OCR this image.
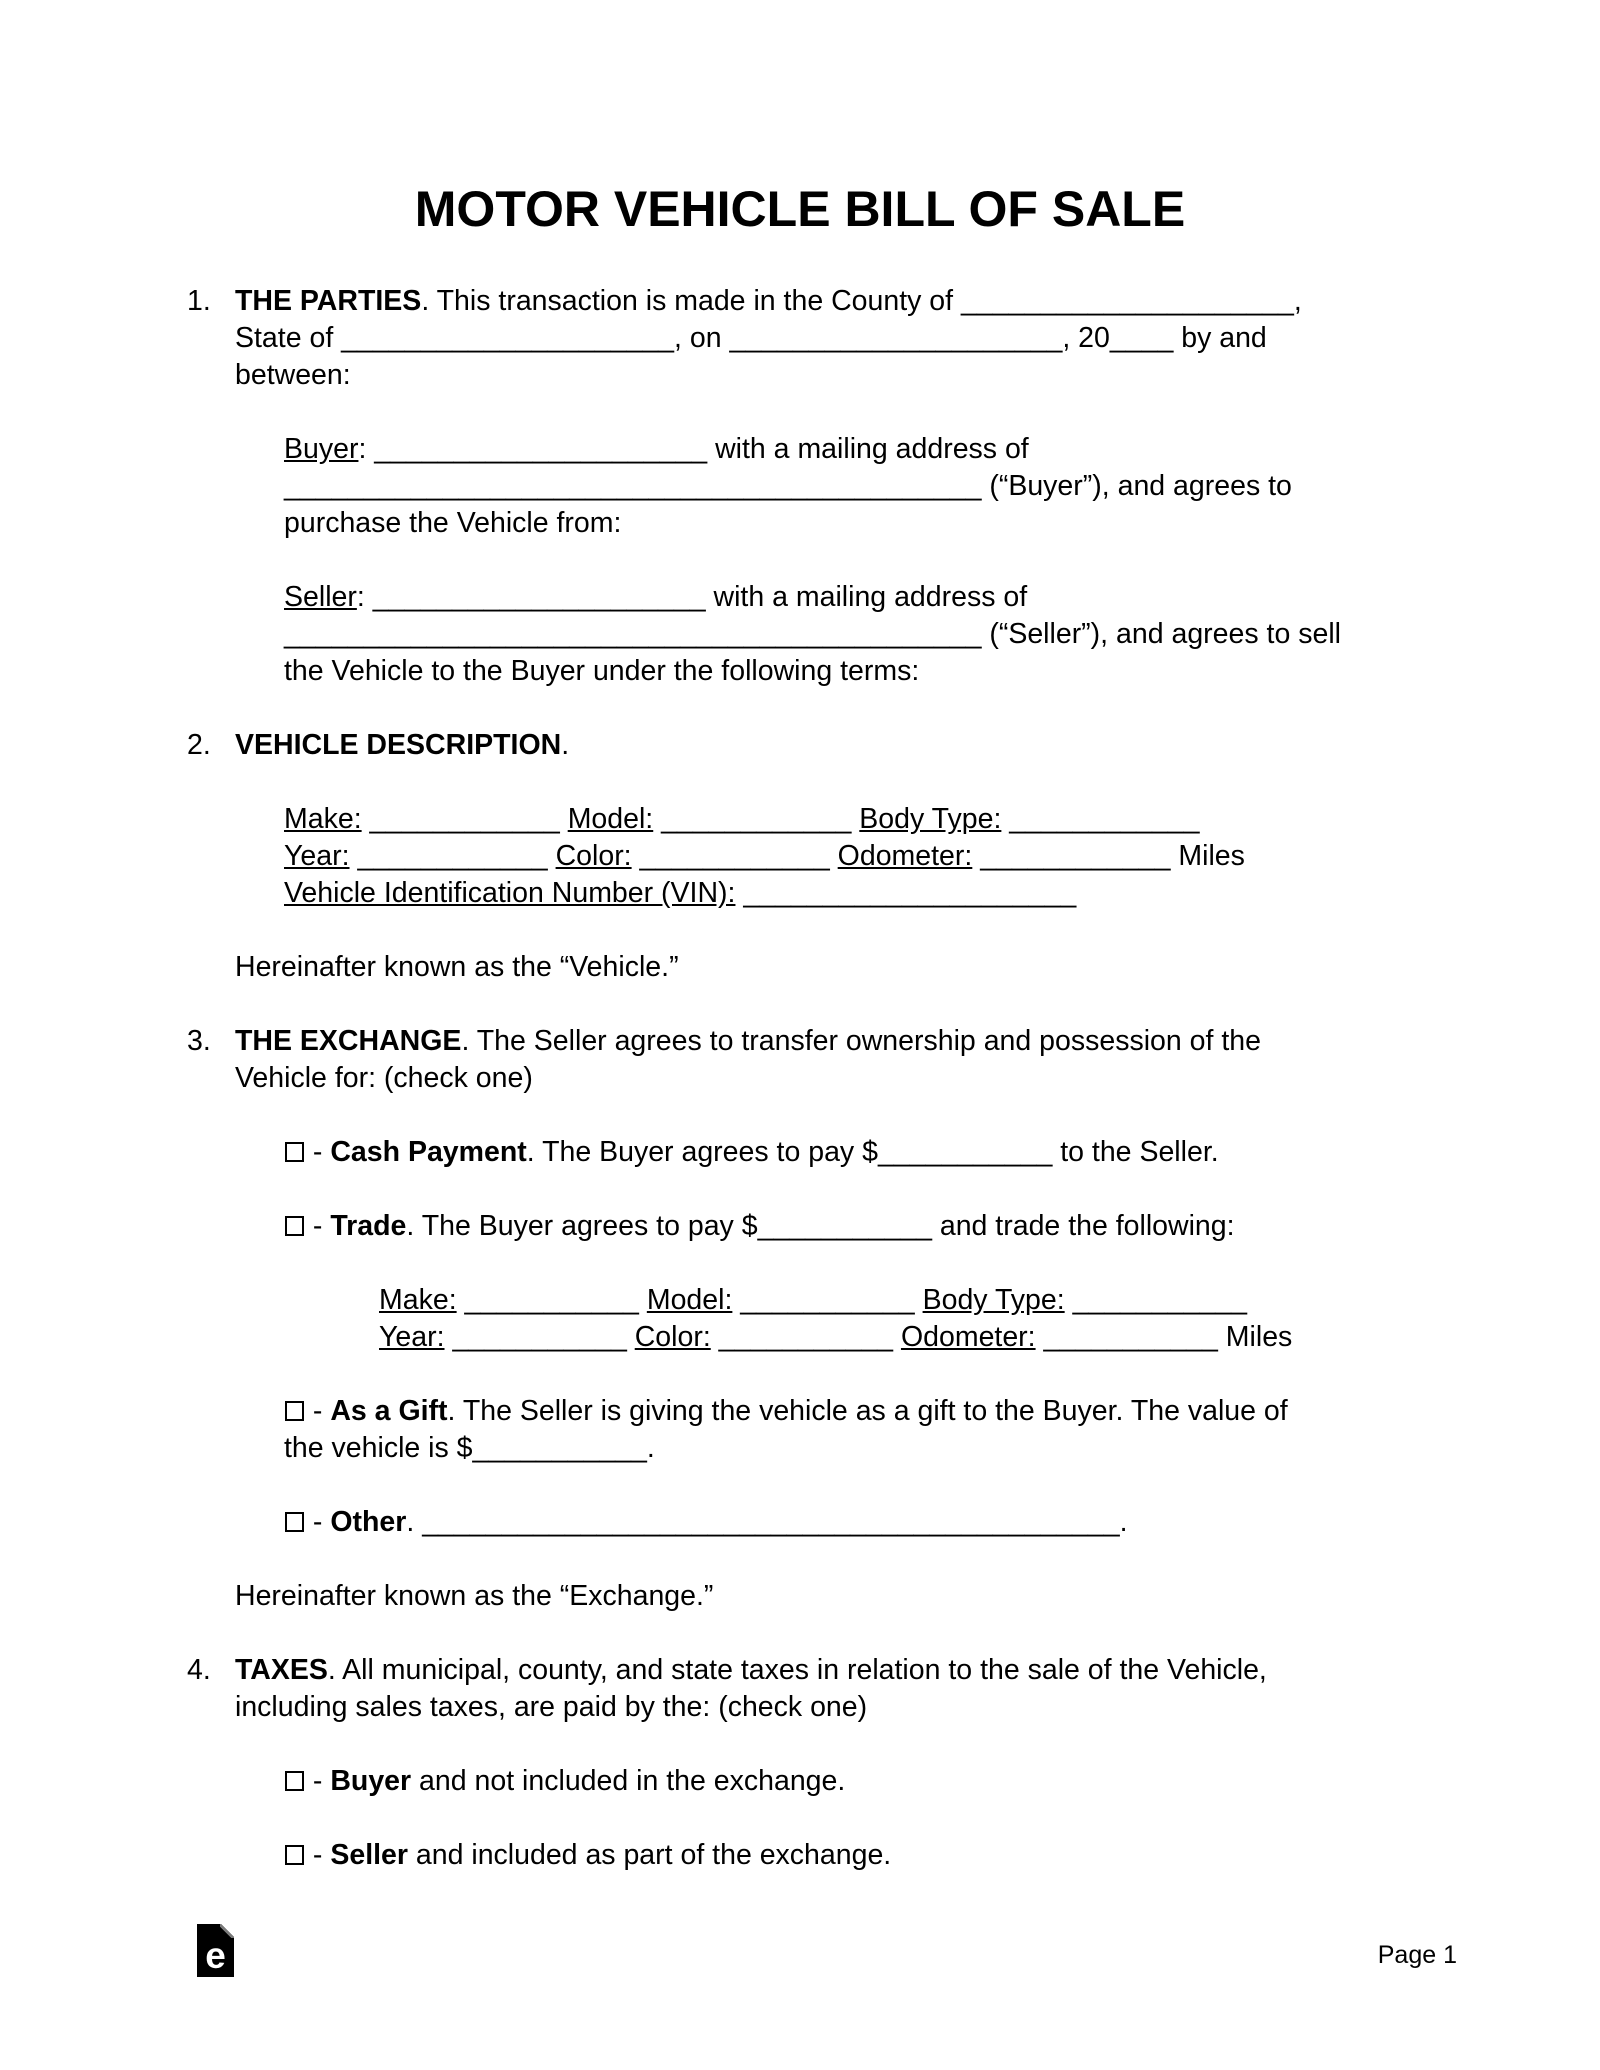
MOTOR VEHICLE BILL OF SALE
1. THE PARTIES. This transaction is made in the County of _____________________,
State of _____________________, on _____________________, 20____ by and
between:
Buyer: _____________________ with a mailing address of
____________________________________________ (“Buyer”), and agrees to
purchase the Vehicle from:
Seller: _____________________ with a mailing address of
____________________________________________ (“Seller”), and agrees to sell
the Vehicle to the Buyer under the following terms:
2. VEHICLE DESCRIPTION.
Make: ____________ Model: ____________ Body Type: ____________
Year: ____________ Color: ____________ Odometer: ____________ Miles
Vehicle Identification Number (VIN): _____________________
Hereinafter known as the “Vehicle.”
3. THE EXCHANGE. The Seller agrees to transfer ownership and possession of the
Vehicle for: (check one)
- Cash Payment. The Buyer agrees to pay $___________ to the Seller.
- Trade. The Buyer agrees to pay $___________ and trade the following:
Make: ___________ Model: ___________ Body Type: ___________
Year: ___________ Color: ___________ Odometer: ___________ Miles
- As a Gift. The Seller is giving the vehicle as a gift to the Buyer. The value of
the vehicle is $___________.
- Other. ____________________________________________.
Hereinafter known as the “Exchange.”
4. TAXES. All municipal, county, and state taxes in relation to the sale of the Vehicle,
including sales taxes, are paid by the: (check one)
- Buyer and not included in the exchange.
- Seller and included as part of the exchange.
e	Page 1
